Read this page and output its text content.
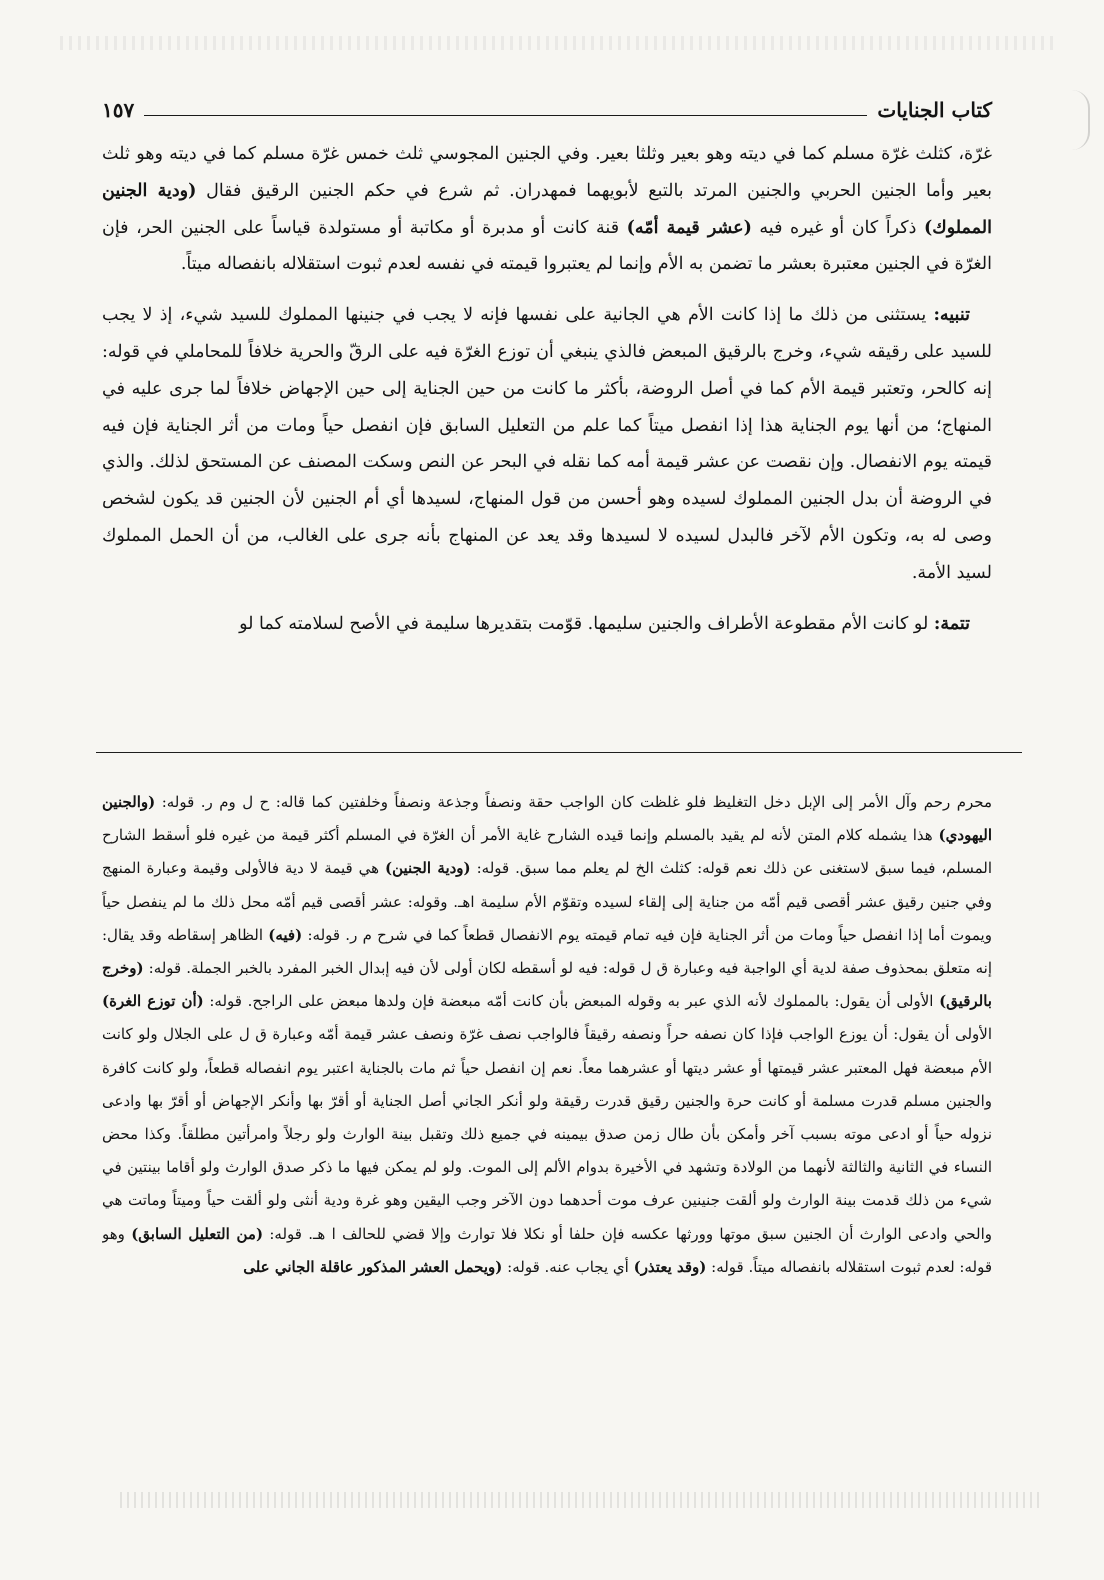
كتاب الجنايات
١٥٧

غرّة، كثلث غرّة مسلم كما في ديته وهو بعير وثلثا بعير. وفي الجنين المجوسي ثلث خمس غرّة مسلم كما في ديته وهو ثلث بعير وأما الجنين الحربي والجنين المرتد بالتبع لأبويهما فمهدران. ثم شرع في حكم الجنين الرقيق فقال (ودية الجنين المملوك) ذكراً كان أو غيره فيه (عشر قيمة أمّه) قنة كانت أو مدبرة أو مكاتبة أو مستولدة قياساً على الجنين الحر، فإن الغرّة في الجنين معتبرة بعشر ما تضمن به الأم وإنما لم يعتبروا قيمته في نفسه لعدم ثبوت استقلاله بانفصاله ميتاً.

تنبيه: يستثنى من ذلك ما إذا كانت الأم هي الجانية على نفسها فإنه لا يجب في جنينها المملوك للسيد شيء، إذ لا يجب للسيد على رقيقه شيء، وخرج بالرقيق المبعض فالذي ينبغي أن توزع الغرّة فيه على الرقّ والحرية خلافاً للمحاملي في قوله: إنه كالحر، وتعتبر قيمة الأم كما في أصل الروضة، بأكثر ما كانت من حين الجناية إلى حين الإجهاض خلافاً لما جرى عليه في المنهاج؛ من أنها يوم الجناية هذا إذا انفصل ميتاً كما علم من التعليل السابق فإن انفصل حياً ومات من أثر الجناية فإن فيه قيمته يوم الانفصال. وإن نقصت عن عشر قيمة أمه كما نقله في البحر عن النص وسكت المصنف عن المستحق لذلك. والذي في الروضة أن بدل الجنين المملوك لسيده وهو أحسن من قول المنهاج، لسيدها أي أم الجنين لأن الجنين قد يكون لشخص وصى له به، وتكون الأم لآخر فالبدل لسيده لا لسيدها وقد يعد عن المنهاج بأنه جرى على الغالب، من أن الحمل المملوك لسيد الأمة.

تتمة: لو كانت الأم مقطوعة الأطراف والجنين سليمها. قوّمت بتقديرها سليمة في الأصح لسلامته كما لو

محرم رحم وآل الأمر إلى الإبل دخل التغليظ فلو غلظت كان الواجب حقة ونصفاً وجذعة ونصفاً وخلفتين كما قاله: ح ل وم ر. قوله: (والجنين اليهودي) هذا يشمله كلام المتن لأنه لم يقيد بالمسلم وإنما قيده الشارح غاية الأمر أن الغرّة في المسلم أكثر قيمة من غيره فلو أسقط الشارح المسلم، فيما سبق لاستغنى عن ذلك نعم قوله: كثلث الخ لم يعلم مما سبق. قوله: (ودية الجنين) هي قيمة لا دية فالأولى وقيمة وعبارة المنهج وفي جنين رقيق عشر أقصى قيم أمّه من جناية إلى إلقاء لسيده وتقوّم الأم سليمة اهـ. وقوله: عشر أقصى قيم أمّه محل ذلك ما لم ينفصل حياً ويموت أما إذا انفصل حياً ومات من أثر الجناية فإن فيه تمام قيمته يوم الانفصال قطعاً كما في شرح م ر. قوله: (فيه) الظاهر إسقاطه وقد يقال: إنه متعلق بمحذوف صفة لدية أي الواجبة فيه وعبارة ق ل قوله: فيه لو أسقطه لكان أولى لأن فيه إبدال الخبر المفرد بالخبر الجملة. قوله: (وخرج بالرقيق) الأولى أن يقول: بالمملوك لأنه الذي عبر به وقوله المبعض بأن كانت أمّه مبعضة فإن ولدها مبعض على الراجح. قوله: (أن توزع الغرة) الأولى أن يقول: أن يوزع الواجب فإذا كان نصفه حراً ونصفه رقيقاً فالواجب نصف غرّة ونصف عشر قيمة أمّه وعبارة ق ل على الجلال ولو كانت الأم مبعضة فهل المعتبر عشر قيمتها أو عشر ديتها أو عشرهما معاً. نعم إن انفصل حياً ثم مات بالجناية اعتبر يوم انفصاله قطعاً، ولو كانت كافرة والجنين مسلم قدرت مسلمة أو كانت حرة والجنين رقيق قدرت رقيقة ولو أنكر الجاني أصل الجناية أو أقرّ بها وأنكر الإجهاض أو أقرّ بها وادعى نزوله حياً أو ادعى موته بسبب آخر وأمكن بأن طال زمن صدق بيمينه في جميع ذلك وتقبل بينة الوارث ولو رجلاً وامرأتين مطلقاً. وكذا محض النساء في الثانية والثالثة لأنهما من الولادة وتشهد في الأخيرة بدوام الألم إلى الموت. ولو لم يمكن فيها ما ذكر صدق الوارث ولو أقاما بينتين في شيء من ذلك قدمت بينة الوارث ولو ألقت جنينين عرف موت أحدهما دون الآخر وجب اليقين وهو غرة ودية أنثى ولو ألقت حياً وميتاً وماتت هي والحي وادعى الوارث أن الجنين سبق موتها وورثها عكسه فإن حلفا أو نكلا فلا توارث وإلا قضي للحالف ا هـ. قوله: (من التعليل السابق) وهو قوله: لعدم ثبوت استقلاله بانفصاله ميتاً. قوله: (وقد يعتذر) أي يجاب عنه. قوله: (ويحمل العشر المذكور عاقلة الجاني على
